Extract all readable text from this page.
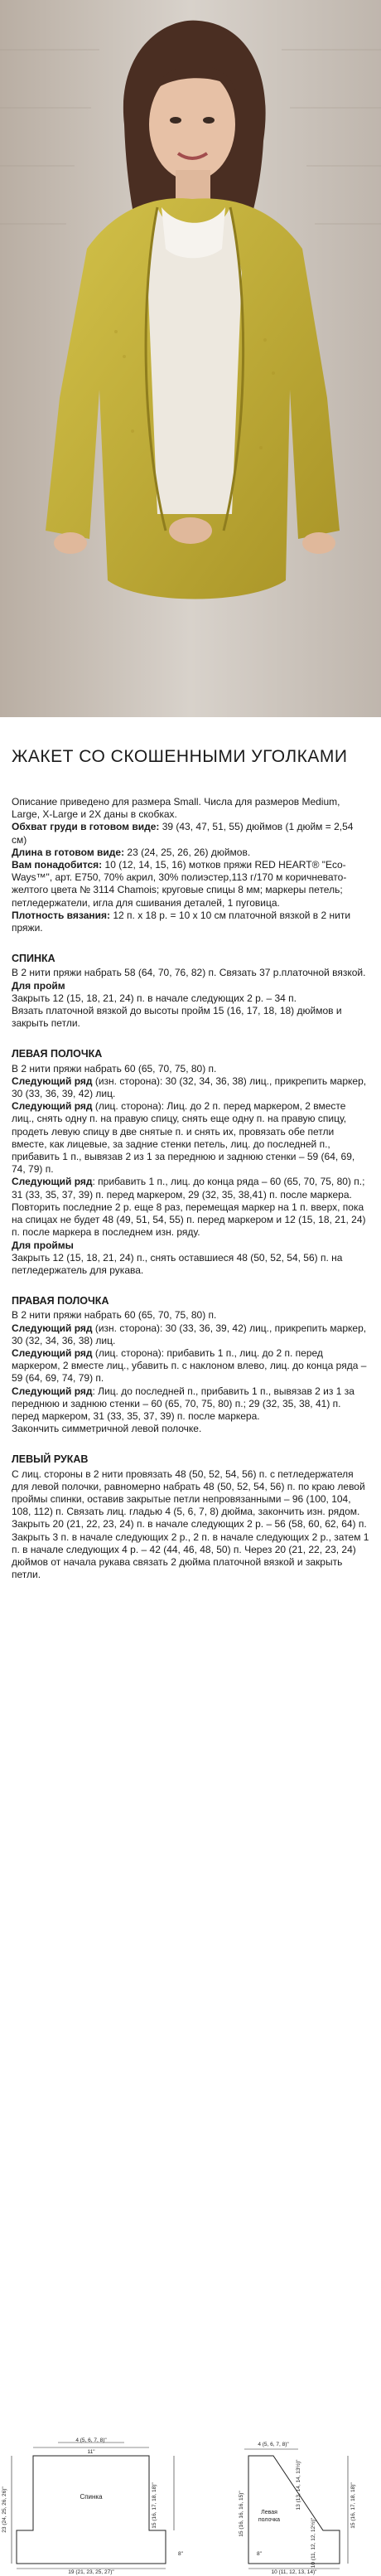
ЖАКЕТ СО СКОШЕННЫМИ УГОЛКАМИ

Описание приведено для размера Small. Числа для размеров Medium, Large, X-Large и 2X даны в скобках.

Обхват груди в готовом виде: 39 (43, 47, 51, 55) дюймов (1 дюйм = 2,54 см)

Длина в готовом виде: 23 (24, 25, 26, 26) дюймов.

Вам понадобится: 10 (12, 14, 15, 16) мотков пряжи RED HEART® "Eco-Ways™", арт. E750, 70% акрил, 30% полиэстер,113 г/170 м коричневато-желтого цвета № 3114 Chamois; круговые спицы 8 мм; маркеры петель; петледержатели, игла для сшивания деталей, 1 пуговица.

Плотность вязания: 12 п. х 18 р. = 10 х 10 см платочной вязкой в 2 нити пряжи.

СПИНКА

В 2 нити пряжи набрать 58 (64, 70, 76, 82) п. Связать 37 р.платочной вязкой.

Для пройм

Закрыть 12 (15, 18, 21, 24) п. в начале следующих 2 р. – 34 п.

Вязать платочной вязкой до высоты пройм 15 (16, 17, 18, 18) дюймов и закрыть петли.

ЛЕВАЯ ПОЛОЧКА

В 2 нити пряжи набрать 60 (65, 70, 75, 80) п.

Следующий ряд (изн. сторона): 30 (32, 34, 36, 38) лиц., прикрепить маркер, 30 (33, 36, 39, 42) лиц.

Следующий ряд (лиц. сторона): Лиц. до 2 п. перед маркером, 2 вместе лиц., снять одну п. на правую спицу, снять еще одну п. на правую спицу, продеть левую спицу в две снятые п. и снять их, провязать обе петли вместе, как лицевые, за задние стенки петель, лиц. до последней п., прибавить 1 п., вывязав 2 из 1 за переднюю и заднюю стенки – 59 (64, 69, 74, 79) п.

Следующий ряд: прибавить 1 п., лиц. до конца ряда – 60 (65, 70, 75, 80) п.; 31 (33, 35, 37, 39) п. перед маркером, 29 (32, 35, 38,41) п. после маркера.

Повторить последние 2 р. еще 8 раз, перемещая маркер на 1 п. вверх, пока на спицах не будет 48 (49, 51, 54, 55) п. перед маркером и 12 (15, 18, 21, 24) п. после маркера в последнем изн. ряду.

Для проймы

Закрыть 12 (15, 18, 21, 24) п., снять оставшиеся 48 (50, 52, 54, 56) п. на петледержатель для рукава.

ПРАВАЯ ПОЛОЧКА

В 2 нити пряжи набрать 60 (65, 70, 75, 80) п.

Следующий ряд (изн. сторона): 30 (33, 36, 39, 42) лиц., прикрепить маркер, 30 (32, 34, 36, 38) лиц.

Следующий ряд (лиц. сторона): прибавить 1 п., лиц. до 2 п. перед маркером, 2 вместе лиц., убавить п. с наклоном влево, лиц. до конца ряда – 59 (64, 69, 74, 79) п.

Следующий ряд: Лиц. до последней п., прибавить 1 п., вывязав 2 из 1 за переднюю и заднюю стенки – 60 (65, 70, 75, 80) п.; 29 (32, 35, 38, 41) п. перед маркером, 31 (33, 35, 37, 39) п. после маркера.

Закончить симметричной левой полочке.

ЛЕВЫЙ РУКАВ

С лиц. стороны в 2 нити провязать 48 (50, 52, 54, 56) п. с петледержателя для левой полочки, равномерно набрать 48 (50, 52, 54, 56) п. по краю левой проймы спинки, оставив закрытые петли непровязанными – 96 (100, 104, 108, 112) п. Связать лиц. гладью 4 (5, 6, 7, 8) дюйма, закончить изн. рядом. Закрыть 20 (21, 22, 23, 24) п. в начале следующих 2 р. – 56 (58, 60, 62, 64) п. Закрыть 3 п. в начале следующих 2 р., 2 п. в начале следующих 2 р., затем 1 п. в начале следующих 4 р. – 42 (44, 46, 48, 50) п. Через 20 (21, 22, 23, 24) дюймов от начала рукава связать 2 дюйма платочной вязкой и закрыть петли.

4 (5, 6, 7, 8)"
11"
Спинка	15 (16, 17, 18, 18)"
8"
23 (24, 25, 26, 26)"
19 (21, 23, 25, 27)"
4 (5, 6, 7, 8)"
15 (16, 16, 16, 15)"
13 (13, 14, 14, 13½)"
Левая
полочка	10 (11, 12, 12, 12½)"
15 (16, 17, 18, 18)"
8"
10 (11, 12, 13, 14)"
